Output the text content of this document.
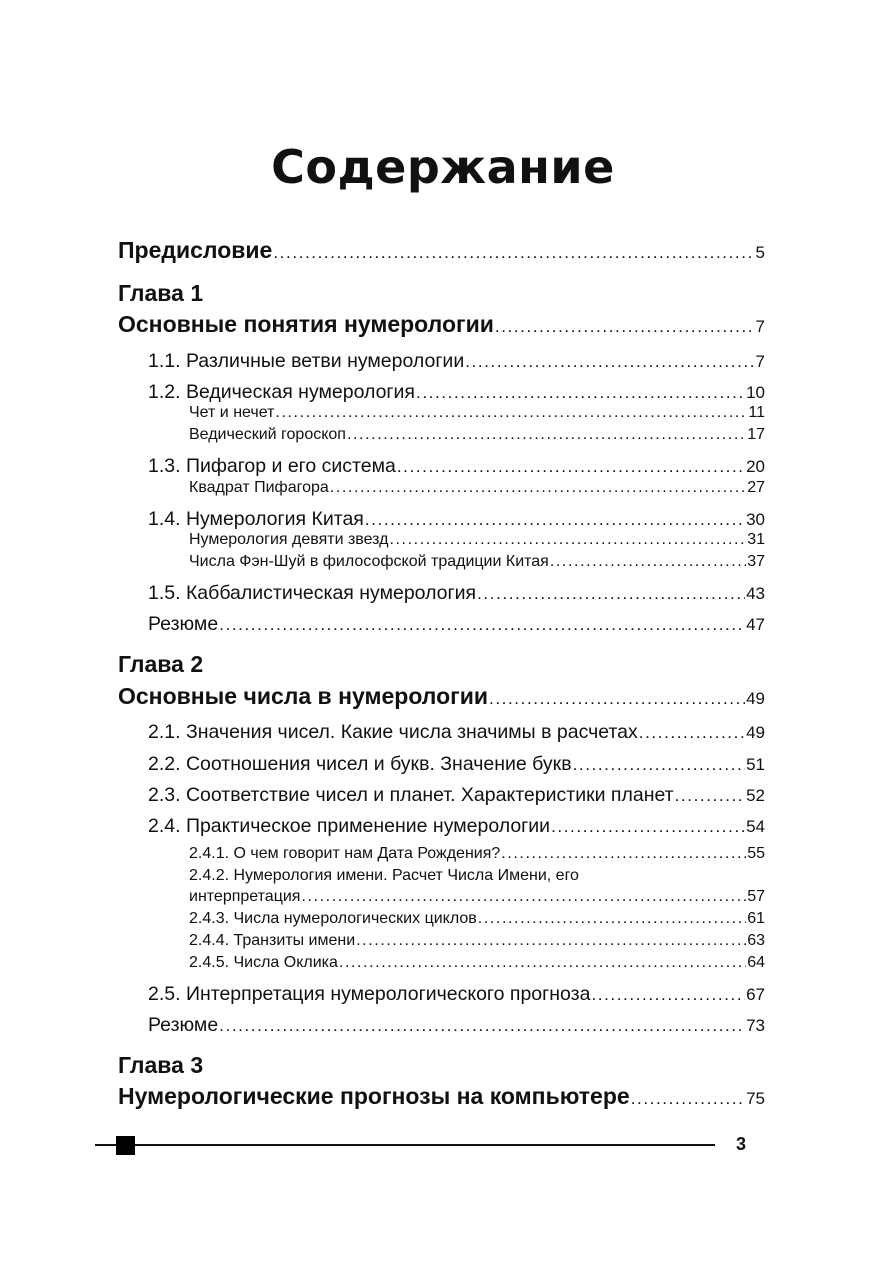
Содержание
Предисловие .....	5
Глава 1
Основные понятия нумерологии .....	7
1.1. Различные ветви нумерологии .....	7
1.2. Ведическая нумерология .....	10
Чет и нечет .....	11
Ведический гороскоп .....	17
1.3. Пифагор и его система .....	20
Квадрат Пифагора .....	27
1.4. Нумерология Китая .....	30
Нумерология девяти звезд .....	31
Числа Фэн-Шуй в философской традиции Китая .....	37
1.5. Каббалистическая нумерология .....	43
Резюме .....	47
Глава 2
Основные числа в нумерологии .....	49
2.1. Значения чисел. Какие числа значимы в расчетах .....	49
2.2. Соотношения чисел и букв. Значение букв .....	51
2.3. Соответствие чисел и планет. Характеристики планет .....	52
2.4. Практическое применение нумерологии .....	54
2.4.1. О чем говорит нам Дата Рождения? .....	55
2.4.2. Нумерология имени. Расчет Числа Имени, его
интерпретация .....	57
2.4.3. Числа нумерологических циклов .....	61
2.4.4. Транзиты имени .....	63
2.4.5. Числа Оклика .....	64
2.5. Интерпретация нумерологического прогноза .....	67
Резюме .....	73
Глава 3
Нумерологические прогнозы на компьютере .....	75
3
